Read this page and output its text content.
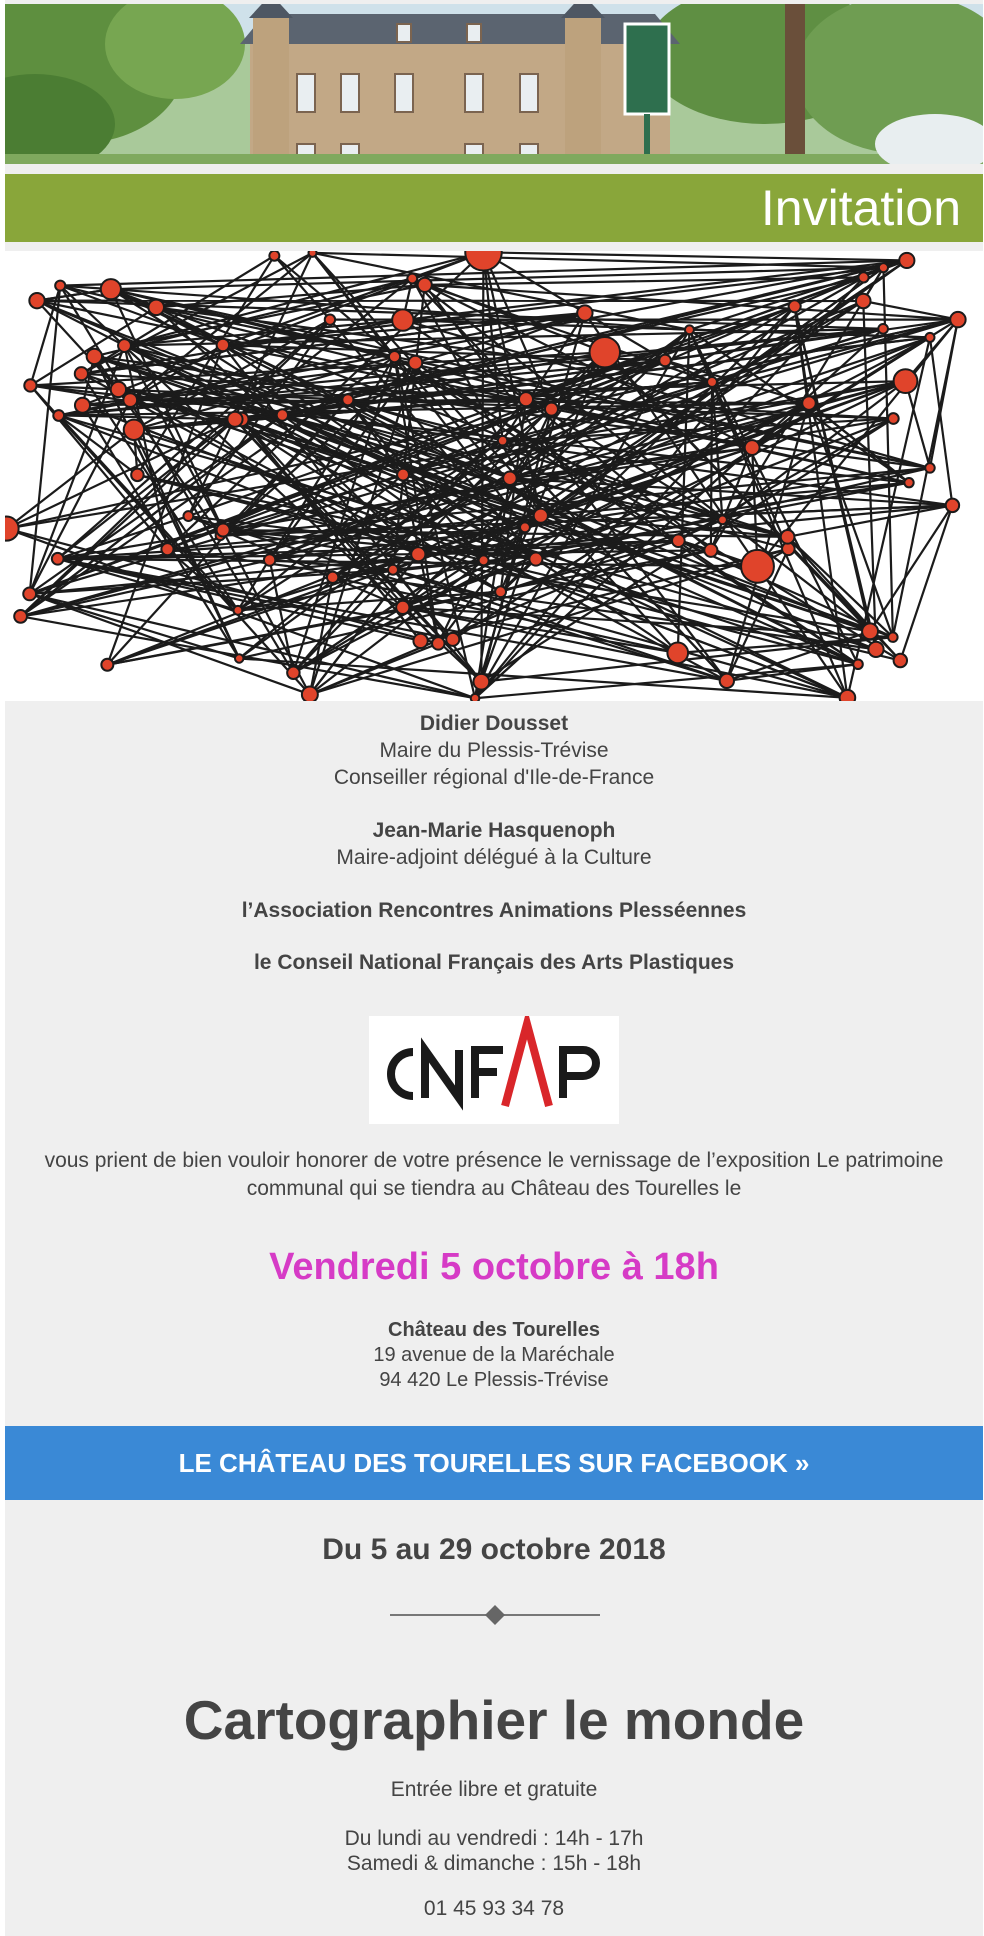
Invitation
Didier Dousset
Maire du Plessis-Trévise
Conseiller régional d'Ile-de-France
Jean-Marie Hasquenoph
Maire-adjoint délégué à la Culture
l’Association Rencontres Animations Plesséennes
le Conseil National Français des Arts Plastiques
vous prient de bien vouloir honorer de votre présence le vernissage de l’exposition Le patrimoine communal qui se tiendra au Château des Tourelles le
Vendredi 5 octobre à 18h
Château des Tourelles
19 avenue de la Maréchale
94 420 Le Plessis-Trévise
LE CHÂTEAU DES TOURELLES SUR FACEBOOK »
Du 5 au 29 octobre 2018
Cartographier le monde
Entrée libre et gratuite
Du lundi au vendredi : 14h - 17h
Samedi & dimanche : 15h - 18h
01 45 93 34 78
